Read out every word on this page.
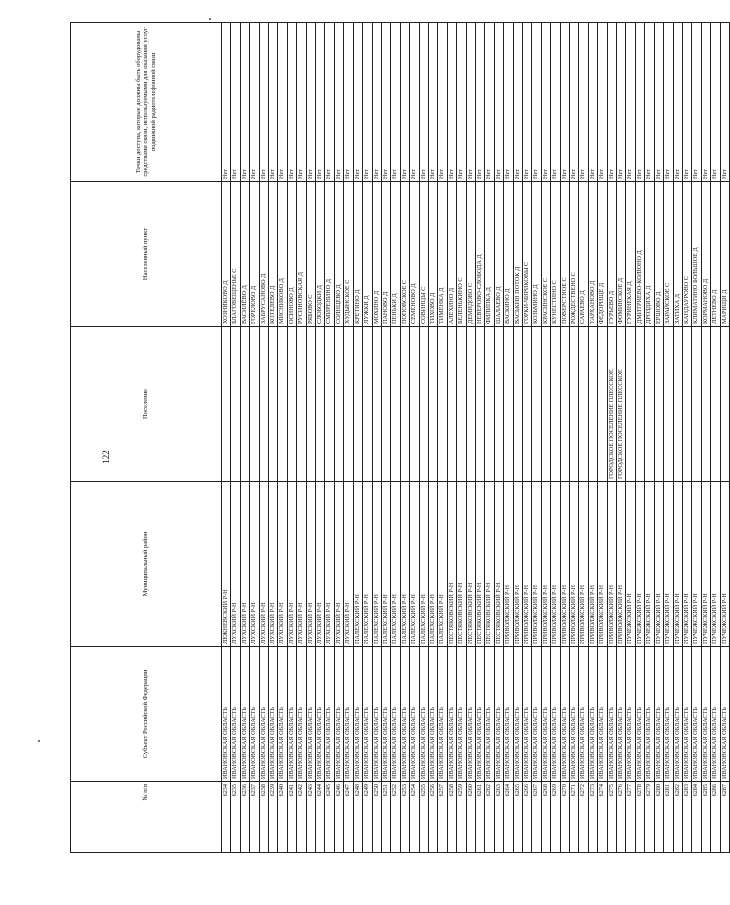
122
№ п/п	Субъект Российской Федерации	Муниципальный район	Поселение	Населенный пункт	Точки доступа, которые должны быть оборудованы средствами связи, используемыми для оказания услуг подвижной радиотелефонной связи
6234	ИВАНОВСКАЯ ОБЛАСТЬ	ЛЕЖНЕВСКИЙ Р-Н		ХОЗНИКОВО Д	Нет
6235	ИВАНОВСКАЯ ОБЛАСТЬ	ЛУХСКИЙ Р-Н		БЛАГОВЕЩЕНЬЕ С	Нет
6236	ИВАНОВСКАЯ ОБЛАСТЬ	ЛУХСКИЙ Р-Н		ВАСИЛЁВО Д	Нет
6237	ИВАНОВСКАЯ ОБЛАСТЬ	ЛУХСКИЙ Р-Н		ГОРЕЛОВО Д	Нет
6238	ИВАНОВСКАЯ ОБЛАСТЬ	ЛУХСКИЙ Р-Н		ЗАБРУСАНОВО Д	Нет
6239	ИВАНОВСКАЯ ОБЛАСТЬ	ЛУХСКИЙ Р-Н		КОТЕЛЕВО Д	Нет
6240	ИВАНОВСКАЯ ОБЛАСТЬ	ЛУХСКИЙ Р-Н		МИСНИКОВО Д	Нет
6241	ИВАНОВСКАЯ ОБЛАСТЬ	ЛУХСКИЙ Р-Н		ОСИНОВО Д	Нет
6242	ИВАНОВСКАЯ ОБЛАСТЬ	ЛУХСКИЙ Р-Н		РУСИНОВСКАЯ Д	Нет
6243	ИВАНОВСКАЯ ОБЛАСТЬ	ЛУХСКИЙ Р-Н		РЯБОВО С	Нет
6244	ИВАНОВСКАЯ ОБЛАСТЬ	ЛУХСКИЙ Р-Н		СЛОБОДКИ Д	Нет
6245	ИВАНОВСКАЯ ОБЛАСТЬ	ЛУХСКИЙ Р-Н		СМИРЕНИНО Д	Нет
6246	ИВАНОВСКАЯ ОБЛАСТЬ	ЛУХСКИЙ Р-Н		СОЛНЦЕВО Д	Нет
6247	ИВАНОВСКАЯ ОБЛАСТЬ	ЛУХСКИЙ Р-Н		ХУДЫНСКОЕ С	Нет
6248	ИВАНОВСКАЯ ОБЛАСТЬ	ПАЛЕХСКИЙ Р-Н		КРЕТИНО Д	Нет
6249	ИВАНОВСКАЯ ОБЛАСТЬ	ПАЛЕХСКИЙ Р-Н		ЛУЖКИ Д	Нет
6250	ИВАНОВСКАЯ ОБЛАСТЬ	ПАЛЕХСКИЙ Р-Н		МОХИНО Д	Нет
6251	ИВАНОВСКАЯ ОБЛАСТЬ	ПАЛЕХСКИЙ Р-Н		ПАНОВО Д	Нет
6252	ИВАНОВСКАЯ ОБЛАСТЬ	ПАЛЕХСКИЙ Р-Н		ПЕНЬКИ Д	Нет
6253	ИВАНОВСКАЯ ОБЛАСТЬ	ПАЛЕХСКИЙ Р-Н		ПОПОВСКОЕ С	Нет
6254	ИВАНОВСКАЯ ОБЛАСТЬ	ПАЛЕХСКИЙ Р-Н		СЕМЕНОВО Д	Нет
6255	ИВАНОВСКАЯ ОБЛАСТЬ	ПАЛЕХСКИЙ Р-Н		СОВИНЦЫ С	Нет
6256	ИВАНОВСКАЯ ОБЛАСТЬ	ПАЛЕХСКИЙ Р-Н		ТИХОВО Д	Нет
6257	ИВАНОВСКАЯ ОБЛАСТЬ	ПАЛЕХСКИЙ Р-Н		ТИМЕНКА Д	Нет
6258	ИВАНОВСКАЯ ОБЛАСТЬ	ПЕСТЯКОВСКИЙ Р-Н		АЛЕХИНО Д	Нет
6259	ИВАНОВСКАЯ ОБЛАСТЬ	ПЕСТЯКОВСКИЙ Р-Н		БЕЛЕНЬКИНО С	Нет
6260	ИВАНОВСКАЯ ОБЛАСТЬ	ПЕСТЯКОВСКИЙ Р-Н		ДЕМИДОВО С	Нет
6261	ИВАНОВСКАЯ ОБЛАСТЬ	ПЕСТЯКОВСКИЙ Р-Н		НЕВЕРОВО-СЛОБОДА Д	Нет
6262	ИВАНОВСКАЯ ОБЛАСТЬ	ПЕСТЯКОВСКИЙ Р-Н		ФИЛИПКА Д	Нет
6263	ИВАНОВСКАЯ ОБЛАСТЬ	ПЕСТЯКОВСКИЙ Р-Н		ШАЛАЕВО Д	Нет
6264	ИВАНОВСКАЯ ОБЛАСТЬ	ПРИВОЛЖСКИЙ Р-Н		ВАСКИНО Д	Нет
6265	ИВАНОВСКАЯ ОБЛАСТЬ	ПРИВОЛЖСКИЙ Р-Н		ВАСЬКИН ПОТОК Д	Нет
6266	ИВАНОВСКАЯ ОБЛАСТЬ	ПРИВОЛЖСКИЙ Р-Н		ГОРКИ-ЧИРИКОВЫ С	Нет
6267	ИВАНОВСКАЯ ОБЛАСТЬ	ПРИВОЛЖСКИЙ Р-Н		КОЗЬМИНО Д	Нет
6268	ИВАНОВСКАЯ ОБЛАСТЬ	ПРИВОЛЖСКИЙ Р-Н		КРАСИНСКОЕ С	Нет
6269	ИВАНОВСКАЯ ОБЛАСТЬ	ПРИВОЛЖСКИЙ Р-Н		КУНЕСТИНО С	Нет
6270	ИВАНОВСКАЯ ОБЛАСТЬ	ПРИВОЛЖСКИЙ Р-Н		ПОВЕРСТНОЕ С	Нет
6271	ИВАНОВСКАЯ ОБЛАСТЬ	ПРИВОЛЖСКИЙ Р-Н		РОЖДЕСТВЕНО С	Нет
6272	ИВАНОВСКАЯ ОБЛАСТЬ	ПРИВОЛЖСКИЙ Р-Н		САРАЕВО Д	Нет
6273	ИВАНОВСКАЯ ОБЛАСТЬ	ПРИВОЛЖСКИЙ Р-Н		ТАРХАНОВО Д	Нет
6274	ИВАНОВСКАЯ ОБЛАСТЬ	ПРИВОЛЖСКИЙ Р-Н		ФЕДОРИЩЕ Д	Нет
6275	ИВАНОВСКАЯ ОБЛАСТЬ	ПРИВОЛЖСКИЙ Р-Н	ГОРОДСКОЕ ПОСЕЛЕНИЕ ПЛЕССКОЕ	ГУРЬЕВО Д	Нет
6276	ИВАНОВСКАЯ ОБЛАСТЬ	ПРИВОЛЖСКИЙ Р-Н	ГОРОДСКОЕ ПОСЕЛЕНИЕ ПЛЕССКОЕ	ФОМИНСКОЕ Д	Нет
6277	ИВАНОВСКАЯ ОБЛАСТЬ	ПУЧЕЖСКИЙ Р-Н		ГУРИНЕКАЯ Д	Нет
6278	ИВАНОВСКАЯ ОБЛАСТЬ	ПУЧЕЖСКИЙ Р-Н		ДМИТРИЕВО-КОЛЮНО Д	Нет
6279	ИВАНОВСКАЯ ОБЛАСТЬ	ПУЧЕЖСКИЙ Р-Н		ДРОЗДИХА Д	Нет
6280	ИВАНОВСКАЯ ОБЛАСТЬ	ПУЧЕЖСКИЙ Р-Н		ЕРШОВО Д	Нет
6281	ИВАНОВСКАЯ ОБЛАСТЬ	ПУЧЕЖСКИЙ Р-Н		ЗАРАЙСКОЕ С	Нет
6282	ИВАНОВСКАЯ ОБЛАСТЬ	ПУЧЕЖСКИЙ Р-Н		ЗАТИХА Д	Нет
6283	ИВАНОВСКАЯ ОБЛАСТЬ	ПУЧЕЖСКИЙ Р-Н		КАНДАУРОВО С	Нет
6284	ИВАНОВСКАЯ ОБЛАСТЬ	ПУЧЕЖСКИЙ Р-Н		КЛИМАТИНО БОЛЬШОЕ Д	Нет
6285	ИВАНОВСКАЯ ОБЛАСТЬ	ПУЧЕЖСКИЙ Р-Н		КОРМАНОВО Д	Нет
6286	ИВАНОВСКАЯ ОБЛАСТЬ	ПУЧЕЖСКИЙ Р-Н		ЛЕТНЕВО Д	Нет
6287	ИВАНОВСКАЯ ОБЛАСТЬ	ПУЧЕЖСКИЙ Р-Н		МАРИЩИ Д	Нет
